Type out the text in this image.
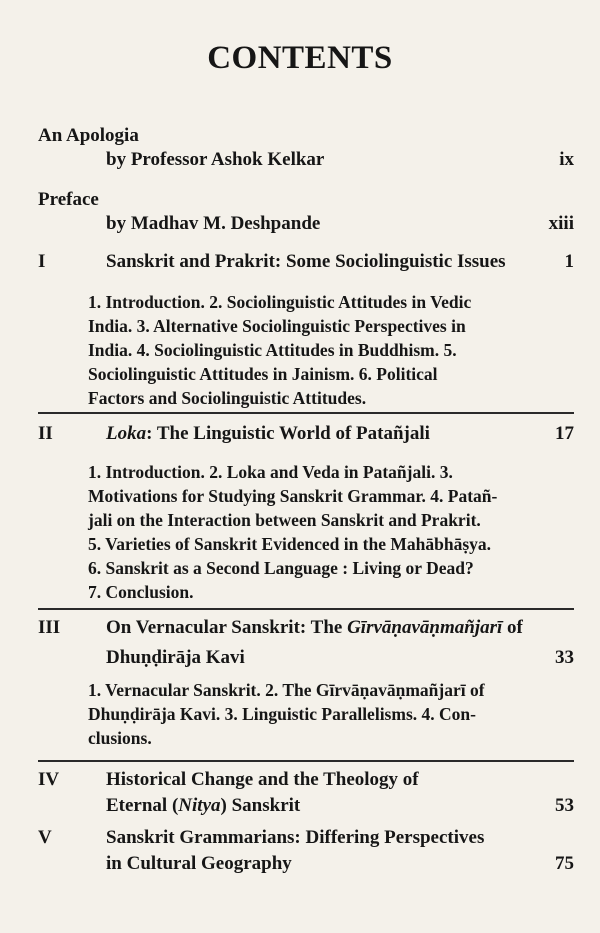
CONTENTS
An Apologia
by Professor Ashok Kelkar	ix
Preface
by Madhav M. Deshpande	xiii
I	Sanskrit and Prakrit: Some Sociolinguistic Issues	1
1. Introduction. 2. Sociolinguistic Attitudes in Vedic
India. 3. Alternative Sociolinguistic Perspectives in
India. 4. Sociolinguistic Attitudes in Buddhism. 5.
Sociolinguistic Attitudes in Jainism. 6. Political
Factors and Sociolinguistic Attitudes.
II	Loka: The Linguistic World of Patañjali	17
1. Introduction. 2. Loka and Veda in Patañjali. 3.
Motivations for Studying Sanskrit Grammar. 4. Patañ-
jali on the Interaction between Sanskrit and Prakrit.
5. Varieties of Sanskrit Evidenced in the Mahābhāṣya.
6. Sanskrit as a Second Language : Living or Dead?
7. Conclusion.
III On Vernacular Sanskrit: The Gīrvāṇavāṇmañjarī of
Dhuṇḍirāja Kavi	33
1. Vernacular Sanskrit. 2. The Gīrvāṇavāṇmañjarī of
Dhuṇḍirāja Kavi. 3. Linguistic Parallelisms. 4. Con-
clusions.
IV Historical Change and the Theology of
Eternal (Nitya) Sanskrit	53
V	Sanskrit Grammarians: Differing Perspectives
in Cultural Geography	75
